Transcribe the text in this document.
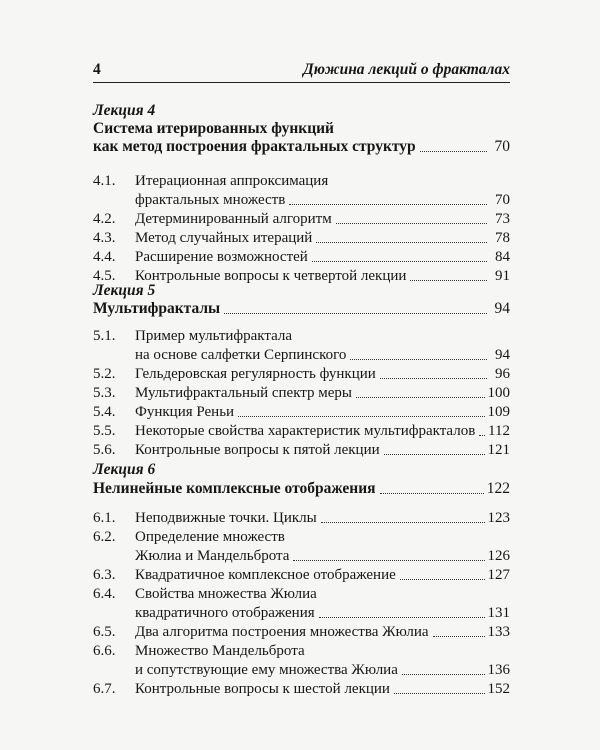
4	Дюжина лекций о фракталах
Лекция 4
Система итерированных функций
как метод построения фрактальных структур	70
4.1. Итерационная аппроксимация
фрактальных множеств	70
4.2.	Детерминированный алгоритм	73
4.3.	Метод случайных итераций	78
4.4.	Расширение возможностей	84
4.5.	Контрольные вопросы к четвертой лекции	91
Лекция 5
Мультифракталы	94
5.1. Пример мультифрактала
на основе салфетки Серпинского	94
5.2.	Гельдеровская регулярность функции	96
5.3.	Мультифрактальный спектр меры	100
5.4.	Функция Реньи	109
5.5.	Некоторые свойства характеристик мультифракталов 112
5.6.	Контрольные вопросы к пятой лекции	121
Лекция 6
Нелинейные комплексные отображения	122
6.1.	Неподвижные точки. Циклы	123
6.2. Определение множеств
Жюлиа и Мандельброта	126
6.3.	Квадратичное комплексное отображение	127
6.4. Свойства множества Жюлиа
квадратичного отображения	131
6.5.	Два алгоритма построения множества Жюлиа	133
6.6. Множество Мандельброта
и сопутствующие ему множества Жюлиа	136
6.7.	Контрольные вопросы к шестой лекции	152
